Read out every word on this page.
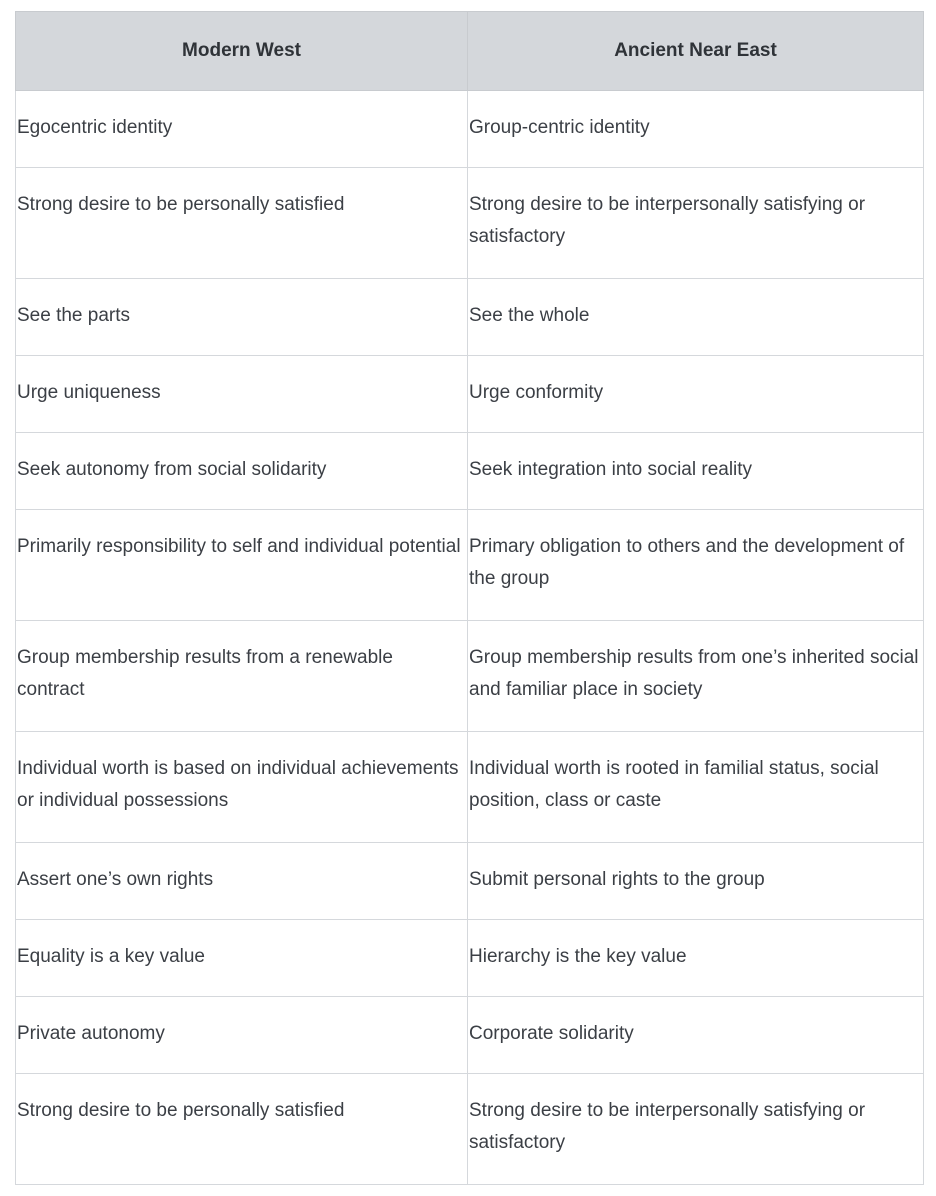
Modern West	Ancient Near East
Egocentric identity	Group-centric identity
Strong desire to be personally satisfied	Strong desire to be interpersonally satisfying or satisfactory
See the parts	See the whole
Urge uniqueness	Urge conformity
Seek autonomy from social solidarity	Seek integration into social reality
Primarily responsibility to self and individual potential	Primary obligation to others and the development of the group
Group membership results from a renewable contract	Group membership results from one’s inherited social and familiar place in society
Individual worth is based on individual achievements or individual possessions	Individual worth is rooted in familial status, social position, class or caste
Assert one’s own rights	Submit personal rights to the group
Equality is a key value	Hierarchy is the key value
Private autonomy	Corporate solidarity
Strong desire to be personally satisfied	Strong desire to be interpersonally satisfying or satisfactory
